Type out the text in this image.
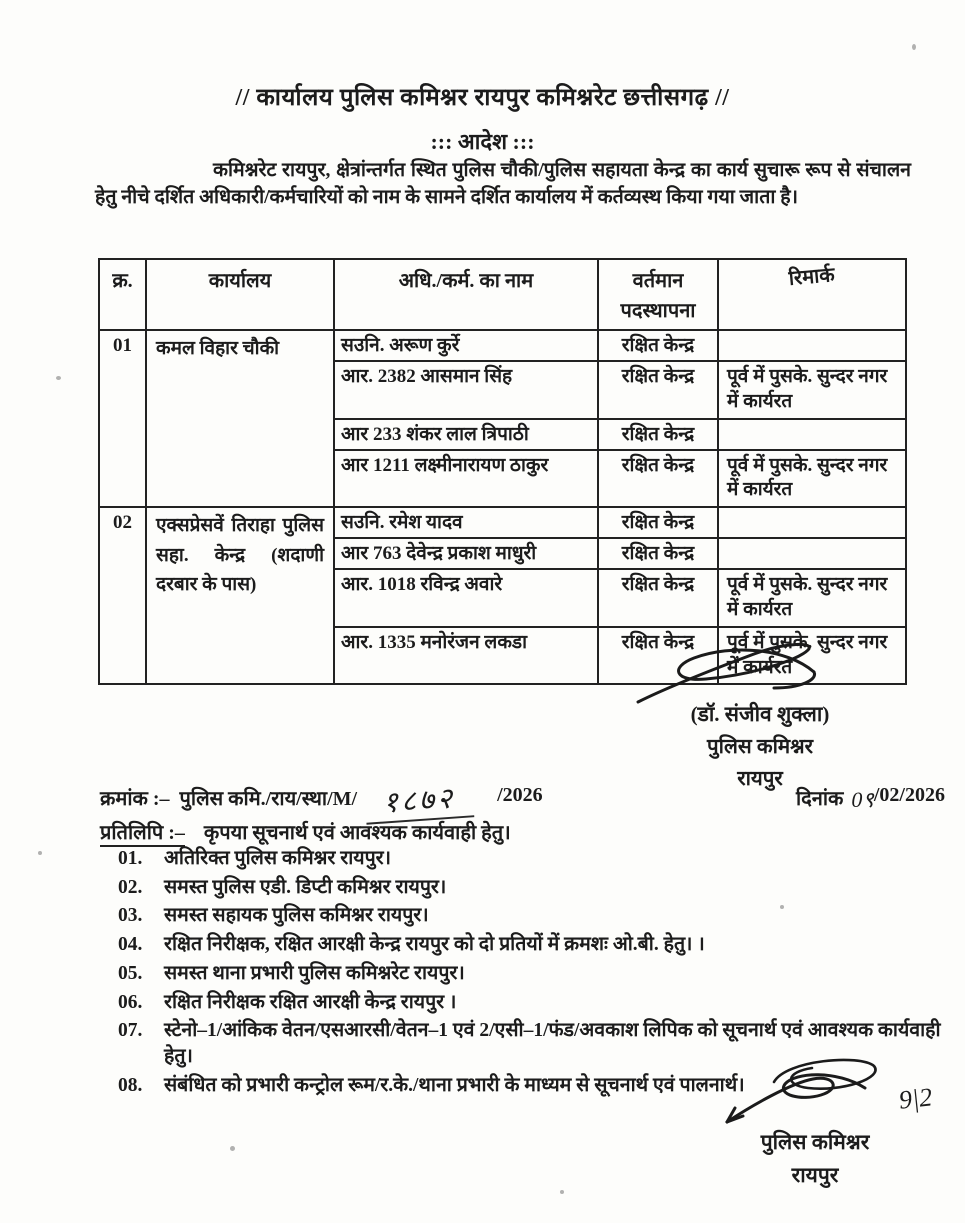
// कार्यालय पुलिस कमिश्नर रायपुर कमिश्नरेट छत्तीसगढ़ //
::: आदेश :::
कमिश्नरेट रायपुर, क्षेत्रांन्तर्गत स्थित पुलिस चौकी/पुलिस सहायता केन्द्र का कार्य सुचारू रूप से संचालन हेतु नीचे दर्शित अधिकारी/कर्मचारियों को नाम के सामने दर्शित कार्यालय में कर्तव्यस्थ किया गया जाता है।
क्र.	कार्यालय	अधि./कर्म. का नाम	वर्तमान पदस्थापना	रिमार्क
01	कमल विहार चौकी	सउनि. अरूण कुर्रे	रक्षित केन्द्र	
		आर. 2382 आसमान सिंह	रक्षित केन्द्र	पूर्व में पुसके. सुन्दर नगर में कार्यरत
		आर 233 शंकर लाल त्रिपाठी	रक्षित केन्द्र	
		आर 1211 लक्ष्मीनारायण ठाकुर	रक्षित केन्द्र	पूर्व में पुसके. सुन्दर नगर में कार्यरत
02	एक्सप्रेसवें तिराहा पुलिस सहा. केन्द्र (शदाणी दरबार के पास)	सउनि. रमेश यादव	रक्षित केन्द्र	
		आर 763 देवेन्द्र प्रकाश माधुरी	रक्षित केन्द्र	
		आर. 1018 रविन्द्र अवारे	रक्षित केन्द्र	पूर्व में पुसके. सुन्दर नगर में कार्यरत
		आर. 1335 मनोरंजन लकडा	रक्षित केन्द्र	पूर्व में पुसके. सुन्दर नगर में कार्यरत
(डॉ. संजीव शुक्ला)
पुलिस कमिश्नर
रायपुर
क्रमांक :– पुलिस कमि./राय/स्था/M/ १८७२	/2026	दिनांक 0९ /02/2026
प्रतिलिपि :– कृपया सूचनार्थ एवं आवश्यक कार्यवाही हेतु।
01.	अतिरिक्त पुलिस कमिश्नर रायपुर।
02.	समस्त पुलिस एडी. डिप्टी कमिश्नर रायपुर।
03.	समस्त सहायक पुलिस कमिश्नर रायपुर।
04.	रक्षित निरीक्षक, रक्षित आरक्षी केन्द्र रायपुर को दो प्रतियों में क्रमशः ओ.बी. हेतु। ।
05.	समस्त थाना प्रभारी पुलिस कमिश्नरेट रायपुर।
06.	रक्षित निरीक्षक रक्षित आरक्षी केन्द्र रायपुर ।
07.	स्टेनो–1/आंकिक वेतन/एसआरसी/वेतन–1 एवं 2/एसी–1/फंड/अवकाश लिपिक को सूचनार्थ एवं आवश्यक कार्यवाही हेतु।
08.	संबंधित को प्रभारी कन्ट्रोल रूम/र.के./थाना प्रभारी के माध्यम से सूचनार्थ एवं पालनार्थ।	9|2
पुलिस कमिश्नर
रायपुर
